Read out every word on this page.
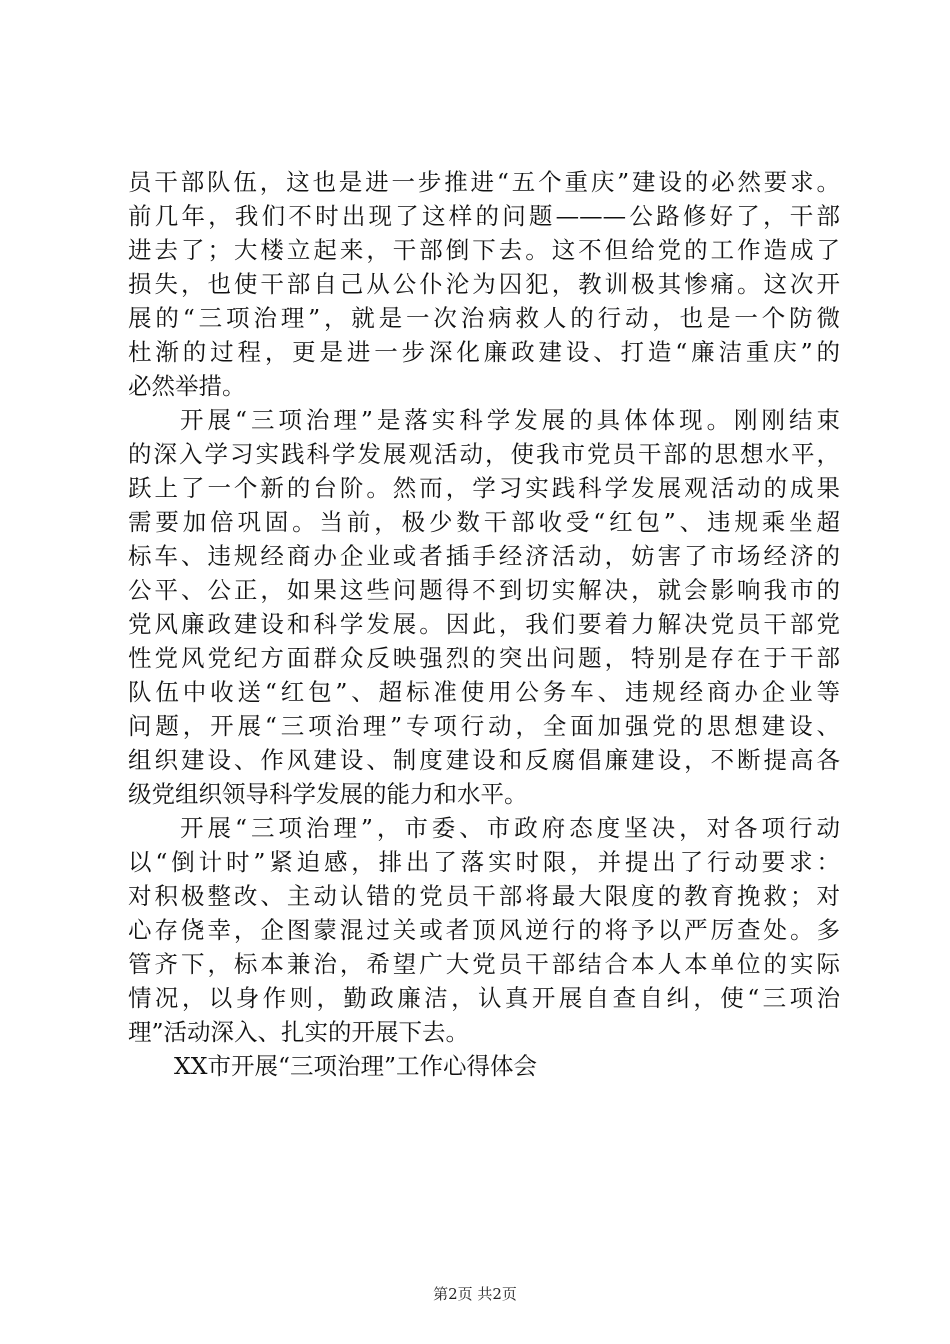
员干部队伍，这也是进一步推进“五个重庆”建设的必然要求。
前几年，我们不时出现了这样的问题———公路修好了，干部
进去了；大楼立起来，干部倒下去。这不但给党的工作造成了
损失，也使干部自己从公仆沦为囚犯，教训极其惨痛。这次开
展的“三项治理”，就是一次治病救人的行动，也是一个防微
杜渐的过程，更是进一步深化廉政建设、打造“廉洁重庆”的
必然举措。
开展“三项治理”是落实科学发展的具体体现。刚刚结束
的深入学习实践科学发展观活动，使我市党员干部的思想水平，
跃上了一个新的台阶。然而，学习实践科学发展观活动的成果
需要加倍巩固。当前，极少数干部收受“红包”、违规乘坐超
标车、违规经商办企业或者插手经济活动，妨害了市场经济的
公平、公正，如果这些问题得不到切实解决，就会影响我市的
党风廉政建设和科学发展。因此，我们要着力解决党员干部党
性党风党纪方面群众反映强烈的突出问题，特别是存在于干部
队伍中收送“红包”、超标准使用公务车、违规经商办企业等
问题，开展“三项治理”专项行动，全面加强党的思想建设、
组织建设、作风建设、制度建设和反腐倡廉建设，不断提高各
级党组织领导科学发展的能力和水平。
开展“三项治理”，市委、市政府态度坚决，对各项行动
以“倒计时”紧迫感，排出了落实时限，并提出了行动要求：
对积极整改、主动认错的党员干部将最大限度的教育挽救；对
心存侥幸，企图蒙混过关或者顶风逆行的将予以严厉查处。多
管齐下，标本兼治，希望广大党员干部结合本人本单位的实际
情况，以身作则，勤政廉洁，认真开展自查自纠，使“三项治
理”活动深入、扎实的开展下去。
XX市开展“三项治理”工作心得体会
第2页 共2页
